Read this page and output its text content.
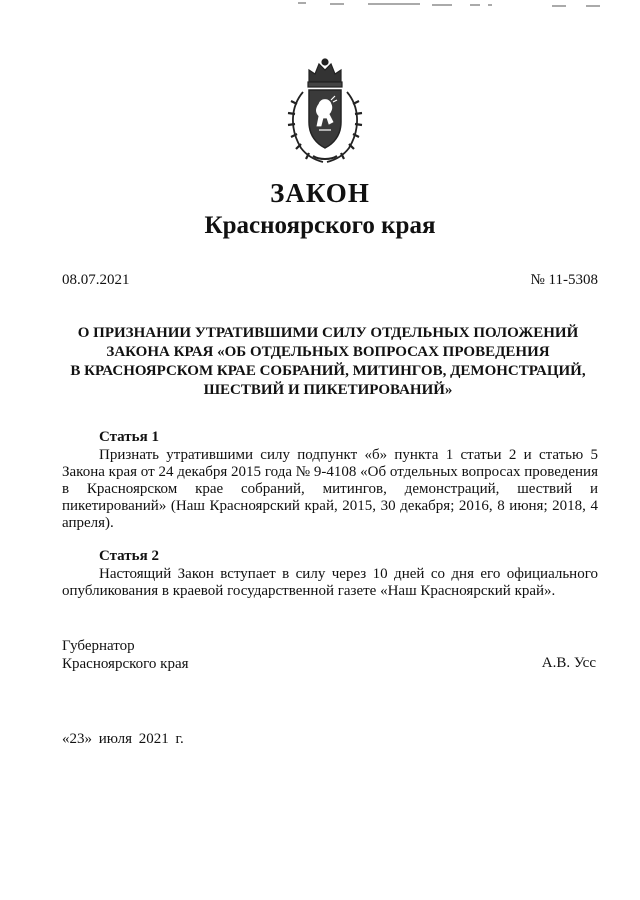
ЗАКОН
Красноярского края
08.07.2021	№ 11-5308
О ПРИЗНАНИИ УТРАТИВШИМИ СИЛУ ОТДЕЛЬНЫХ ПОЛОЖЕНИЙ
ЗАКОНА КРАЯ «ОБ ОТДЕЛЬНЫХ ВОПРОСАХ ПРОВЕДЕНИЯ
В КРАСНОЯРСКОМ КРАЕ СОБРАНИЙ, МИТИНГОВ, ДЕМОНСТРАЦИЙ,
ШЕСТВИЙ И ПИКЕТИРОВАНИЙ»
Статья 1

Признать утратившими силу подпункт «б» пункта 1 статьи 2 и статью 5 Закона края от 24 декабря 2015 года № 9-4108 «Об отдельных вопросах проведения в Красноярском крае собраний, митингов, демонстраций, шествий и пикетирований» (Наш Красноярский край, 2015, 30 декабря; 2016, 8 июня; 2018, 4 апреля).

Статья 2

Настоящий Закон вступает в силу через 10 дней со дня его официального опубликования в краевой государственной газете «Наш Красноярский край».

Губернатор
Красноярского края	А.В. Усс
«23» июля 2021 г.
